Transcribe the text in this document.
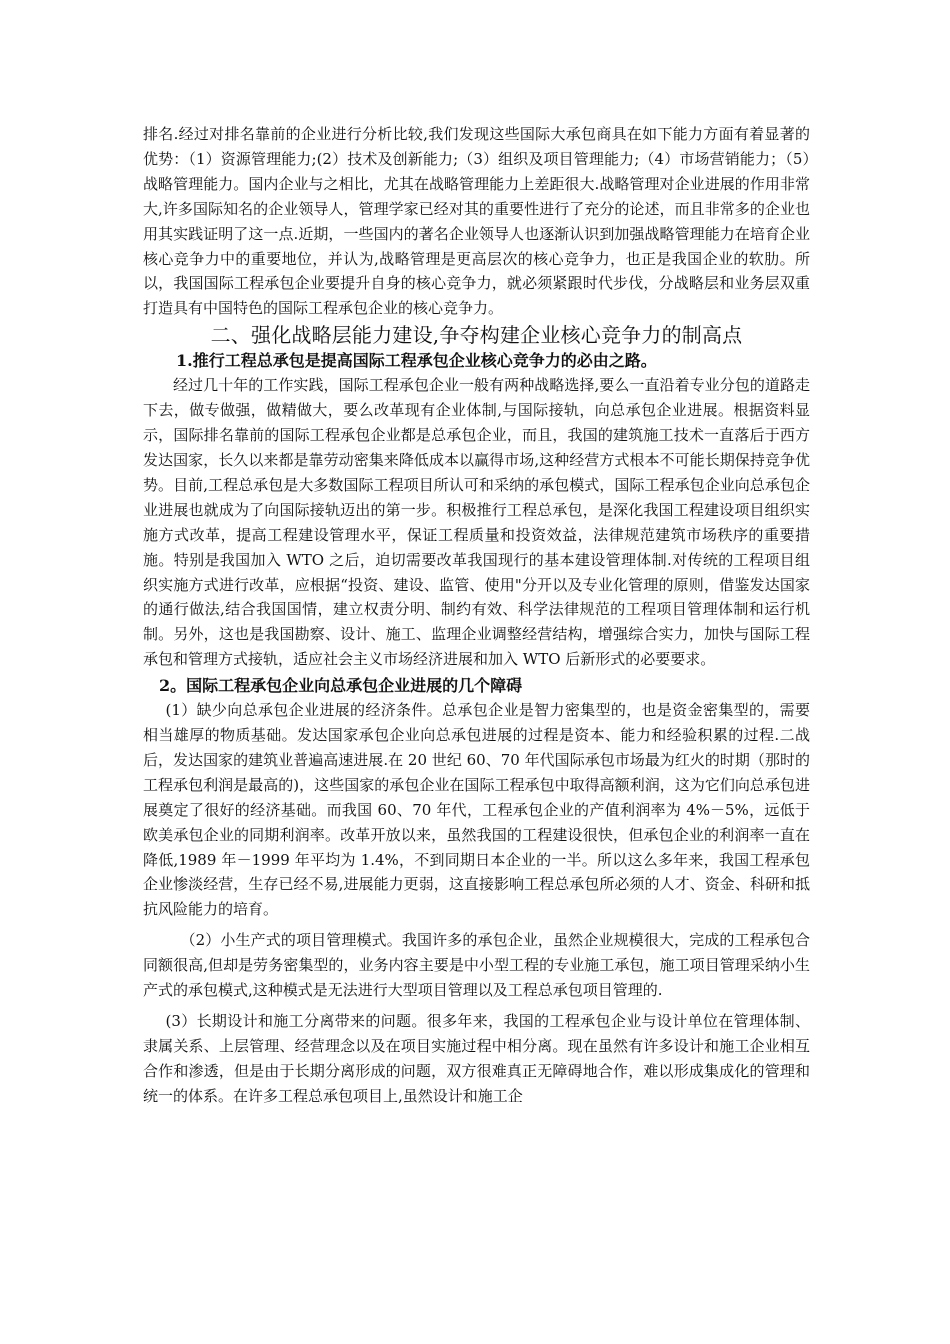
排名.经过对排名靠前的企业进行分析比较,我们发现这些国际大承包商具在如下能力方面有着显著的优势：（1）资源管理能力;(2）技术及创新能力;（3）组织及项目管理能力;（4）市场营销能力；（5）战略管理能力。国内企业与之相比，尤其在战略管理能力上差距很大.战略管理对企业进展的作用非常大,许多国际知名的企业领导人，管理学家已经对其的重要性进行了充分的论述，而且非常多的企业也用其实践证明了这一点.近期，一些国内的著名企业领导人也逐渐认识到加强战略管理能力在培育企业核心竞争力中的重要地位，并认为,战略管理是更高层次的核心竞争力，也正是我国企业的软肋。所以，我国国际工程承包企业要提升自身的核心竞争力，就必须紧跟时代步伐，分战略层和业务层双重打造具有中国特色的国际工程承包企业的核心竞争力。

二、强化战略层能力建设,争夺构建企业核心竞争力的制高点
1.推行工程总承包是提高国际工程承包企业核心竞争力的必由之路。

经过几十年的工作实践，国际工程承包企业一般有两种战略选择,要么一直沿着专业分包的道路走下去，做专做强，做精做大，要么改革现有企业体制,与国际接轨，向总承包企业进展。根据资料显示，国际排名靠前的国际工程承包企业都是总承包企业，而且，我国的建筑施工技术一直落后于西方发达国家，长久以来都是靠劳动密集来降低成本以赢得市场,这种经营方式根本不可能长期保持竞争优势。目前,工程总承包是大多数国际工程项目所认可和采纳的承包模式，国际工程承包企业向总承包企业进展也就成为了向国际接轨迈出的第一步。积极推行工程总承包，是深化我国工程建设项目组织实施方式改革，提高工程建设管理水平，保证工程质量和投资效益，法律规范建筑市场秩序的重要措施。特别是我国加入 WTO 之后，迫切需要改革我国现行的基本建设管理体制.对传统的工程项目组织实施方式进行改革，应根据“投资、建设、监管、使用"分开以及专业化管理的原则，借鉴发达国家的通行做法,结合我国国情，建立权责分明、制约有效、科学法律规范的工程项目管理体制和运行机制。另外，这也是我国勘察、设计、施工、监理企业调整经营结构，增强综合实力，加快与国际工程承包和管理方式接轨，适应社会主义市场经济进展和加入 WTO 后新形式的必要要求。

2。国际工程承包企业向总承包企业进展的几个障碍

(1）缺少向总承包企业进展的经济条件。总承包企业是智力密集型的，也是资金密集型的，需要相当雄厚的物质基础。发达国家承包企业向总承包进展的过程是资本、能力和经验积累的过程.二战后，发达国家的建筑业普遍高速进展.在 20 世纪 60、70 年代国际承包市场最为红火的时期（那时的工程承包利润是最高的)，这些国家的承包企业在国际工程承包中取得高额利润，这为它们向总承包进展奠定了很好的经济基础。而我国 60、70 年代，工程承包企业的产值利润率为 4%－5%，远低于欧美承包企业的同期利润率。改革开放以来，虽然我国的工程建设很快，但承包企业的利润率一直在降低,1989 年－1999 年平均为 1.4%，不到同期日本企业的一半。所以这么多年来，我国工程承包企业惨淡经营，生存已经不易,进展能力更弱，这直接影响工程总承包所必须的人才、资金、科研和抵抗风险能力的培育。

（2）小生产式的项目管理模式。我国许多的承包企业，虽然企业规模很大，完成的工程承包合同额很高,但却是劳务密集型的，业务内容主要是中小型工程的专业施工承包，施工项目管理采纳小生产式的承包模式,这种模式是无法进行大型项目管理以及工程总承包项目管理的.

(3）长期设计和施工分离带来的问题。很多年来，我国的工程承包企业与设计单位在管理体制、隶属关系、上层管理、经营理念以及在项目实施过程中相分离。现在虽然有许多设计和施工企业相互合作和渗透，但是由于长期分离形成的问题，双方很难真正无障碍地合作，难以形成集成化的管理和统一的体系。在许多工程总承包项目上,虽然设计和施工企
